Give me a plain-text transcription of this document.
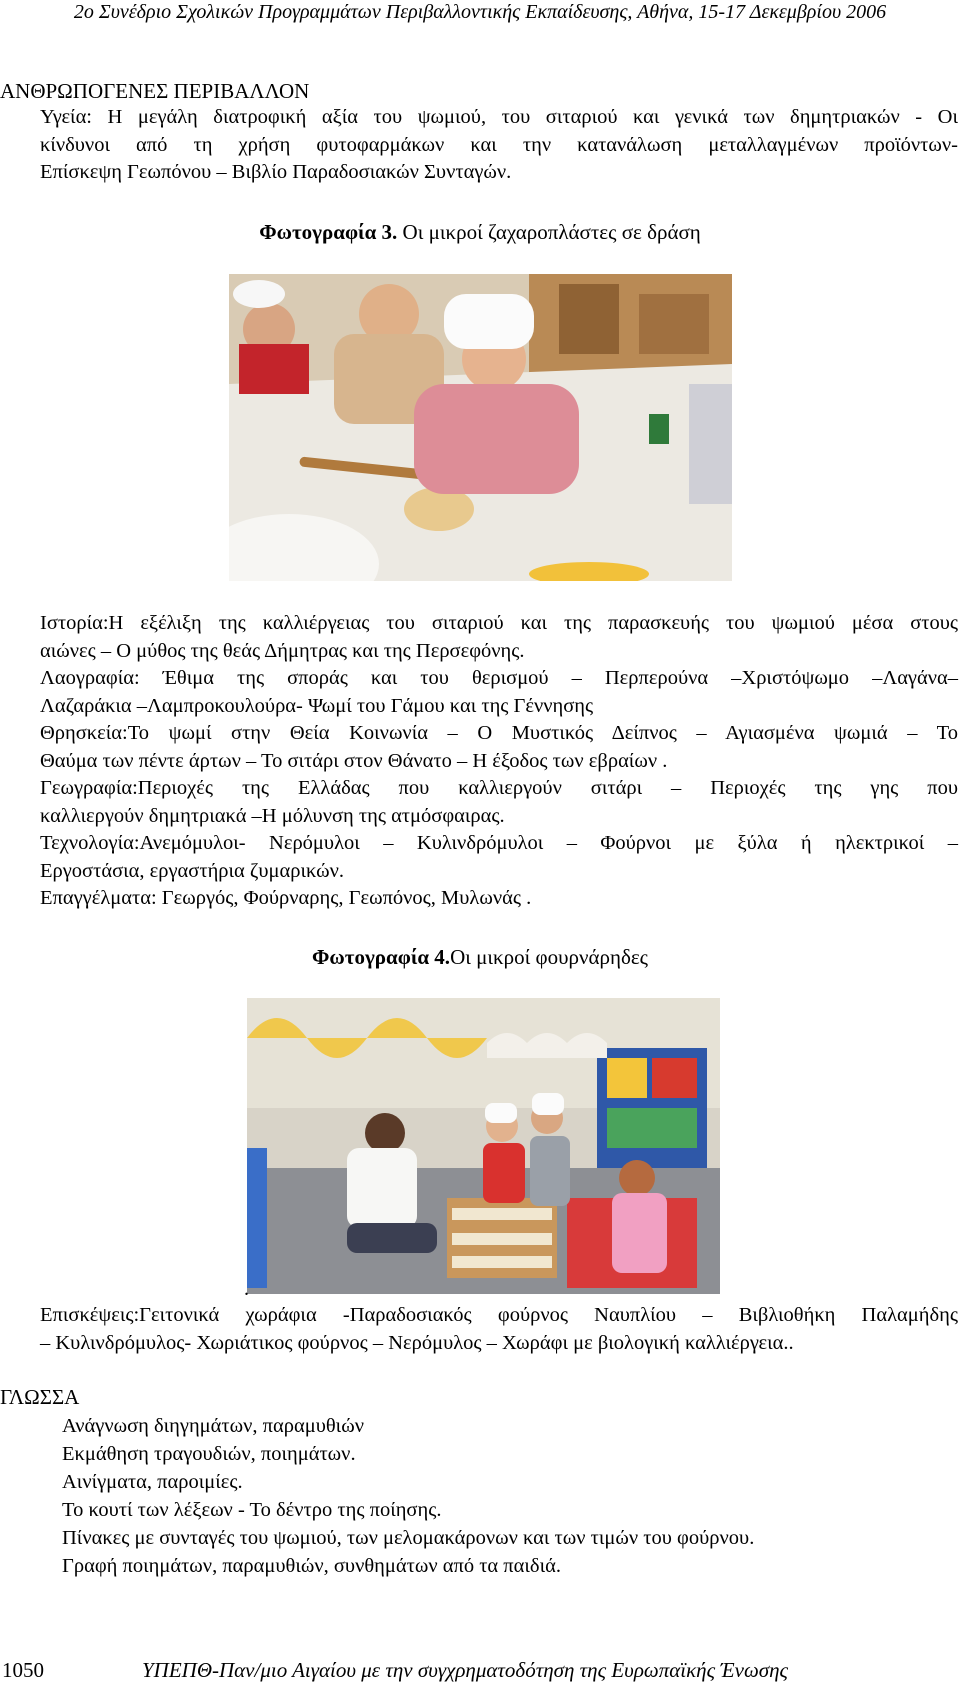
2o Συνέδριο Σχολικών Προγραμμάτων Περιβαλλοντικής Εκπαίδευσης, Αθήνα, 15-17 Δεκεμβρίου 2006
ΑΝΘΡΩΠΟΓΕΝΕΣ ΠΕΡΙΒΑΛΛΟΝ
Υγεία: Η μεγάλη διατροφική αξία του ψωμιού, του σιταριού και γενικά των δημητριακών - Οι
κίνδυνοι από τη χρήση φυτοφαρμάκων και την κατανάλωση μεταλλαγμένων προϊόντων-
Επίσκεψη Γεωπόνου – Βιβλίο Παραδοσιακών Συνταγών.
Φωτογραφία 3. Οι μικροί ζαχαροπλάστες σε δράση
Ιστορία:Η εξέλιξη της καλλιέργειας του σιταριού και της παρασκευής του ψωμιού μέσα στους
αιώνες – Ο μύθος της θεάς Δήμητρας και της Περσεφόνης.
Λαογραφία: Έθιμα της σποράς και του θερισμού – Περπερούνα –Χριστόψωμο –Λαγάνα–
Λαζαράκια –Λαμπροκουλούρα- Ψωμί του Γάμου και της Γέννησης
Θρησκεία:Το ψωμί στην Θεία Κοινωνία – Ο Μυστικός Δείπνος – Αγιασμένα ψωμιά – Το
Θαύμα των πέντε άρτων – Το σιτάρι στον Θάνατο – Η έξοδος των εβραίων .
Γεωγραφία:Περιοχές της Ελλάδας που καλλιεργούν σιτάρι – Περιοχές της γης που
καλλιεργούν δημητριακά –Η μόλυνση της ατμόσφαιρας.
Τεχνολογία:Ανεμόμυλοι- Νερόμυλοι – Κυλινδρόμυλοι – Φούρνοι με ξύλα ή ηλεκτρικοί –
Εργοστάσια, εργαστήρια ζυμαρικών.
Επαγγέλματα: Γεωργός, Φούρναρης, Γεωπόνος, Μυλωνάς .
Φωτογραφία 4.Οι μικροί φουρνάρηδες
.
Επισκέψεις:Γειτονικά χωράφια -Παραδοσιακός φούρνος Ναυπλίου – Βιβλιοθήκη Παλαμήδης
– Κυλινδρόμυλος- Χωριάτικος φούρνος – Νερόμυλος – Χωράφι με βιολογική καλλιέργεια..
ΓΛΩΣΣΑ
Ανάγνωση διηγημάτων, παραμυθιών
Εκμάθηση τραγουδιών, ποιημάτων.
Αινίγματα, παροιμίες.
Το κουτί των λέξεων - Το δέντρο της ποίησης.
Πίνακες με συνταγές του ψωμιού, των μελομακάρονων και των τιμών του φούρνου.
Γραφή ποιημάτων, παραμυθιών, συνθημάτων από τα παιδιά.
1050	ΥΠΕΠΘ-Παν/μιο Αιγαίου με την συγχρηματοδότηση της Ευρωπαϊκής Ένωσης
